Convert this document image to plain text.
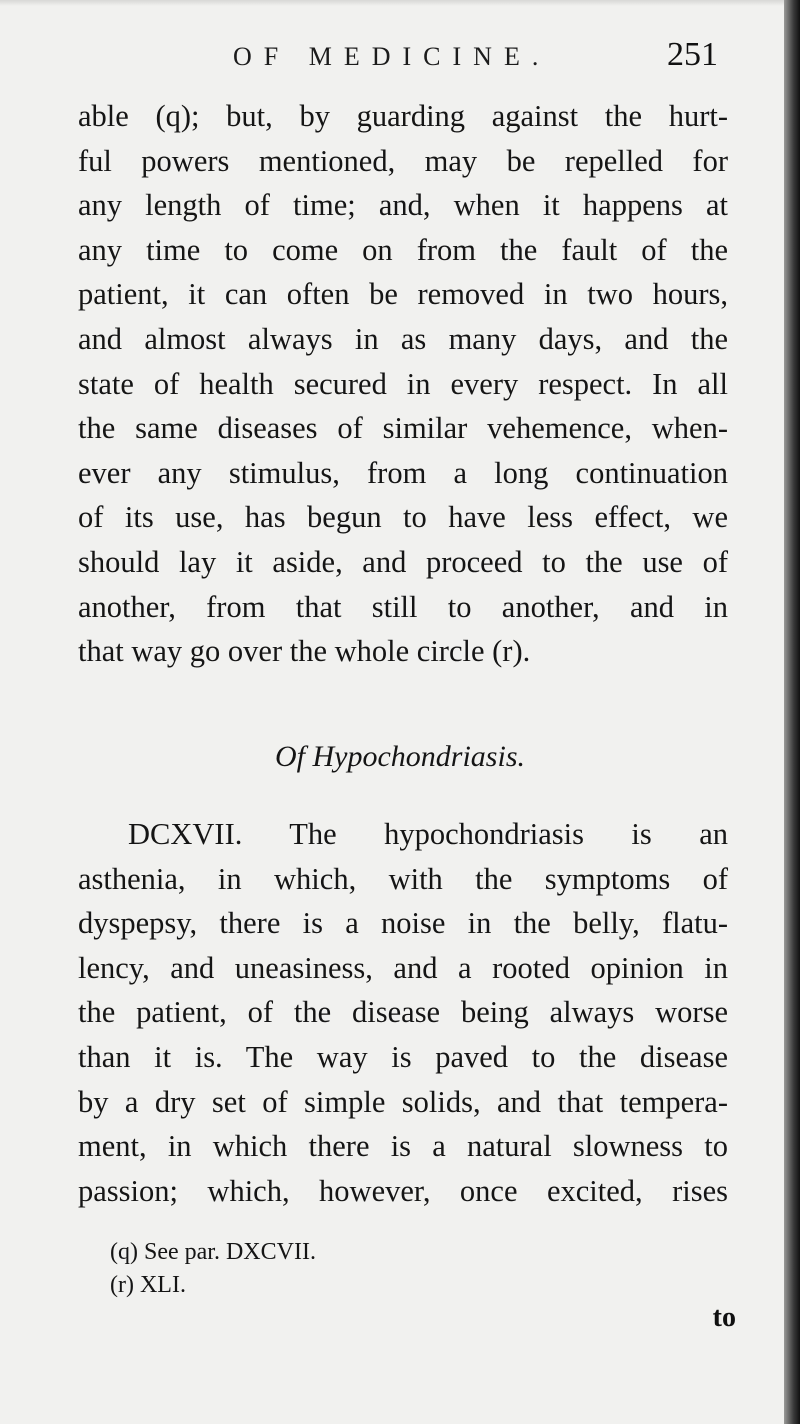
OF MEDICINE.	251
able (q); but, by guarding against the hurt-
ful powers mentioned, may be repelled for
any length of time; and, when it happens at
any time to come on from the fault of the
patient, it can often be removed in two hours,
and almost always in as many days, and the
state of health secured in every respect. In all
the same diseases of similar vehemence, when-
ever any stimulus, from a long continuation
of its use, has begun to have less effect, we
should lay it aside, and proceed to the use of
another, from that still to another, and in
that way go over the whole circle (r).
Of Hypochondriasis.
DCXVII. The hypochondriasis is an
asthenia, in which, with the symptoms of
dyspepsy, there is a noise in the belly, flatu-
lency, and uneasiness, and a rooted opinion in
the patient, of the disease being always worse
than it is. The way is paved to the disease
by a dry set of simple solids, and that tempera-
ment, in which there is a natural slowness to
passion; which, however, once excited, rises
(q) See par. DXCVII.
(r) XLI.
to
